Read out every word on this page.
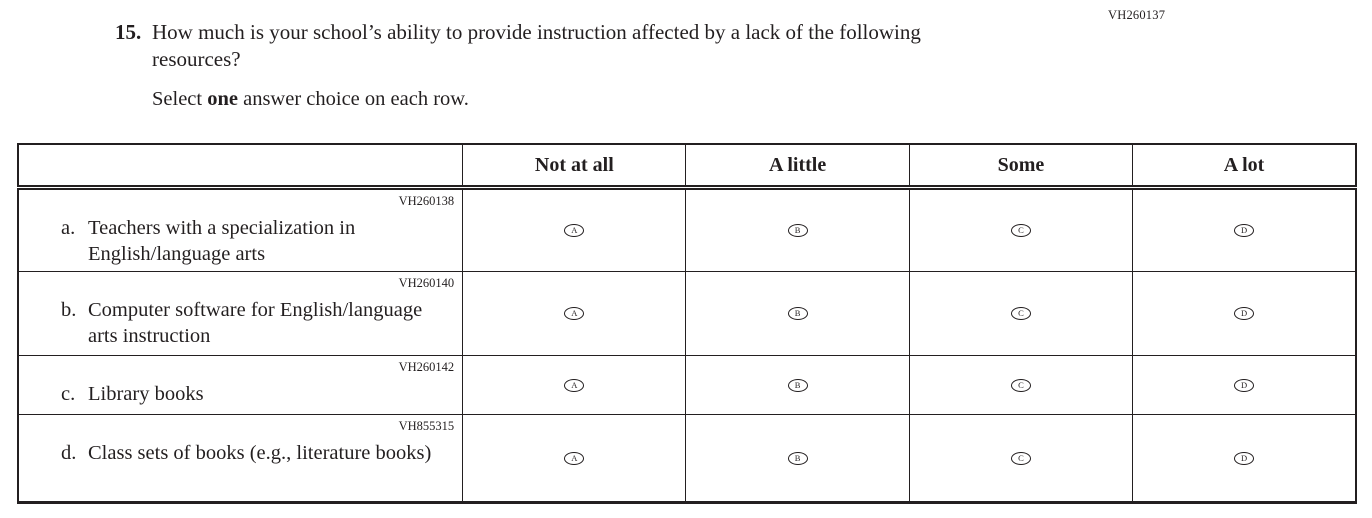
VH260137
15. How much is your school’s ability to provide instruction affected by a lack of the following resources?
Select one answer choice on each row.
	Not at all	A little	Some	A lot

VH260138
a. Teachers with a specialization in English/language arts	A	B	C	D

VH260140
b. Computer software for English/language arts instruction	A	B	C	D

VH260142
c. Library books	A	B	C	D

VH855315
d. Class sets of books (e.g., literature books)	A	B	C	D
